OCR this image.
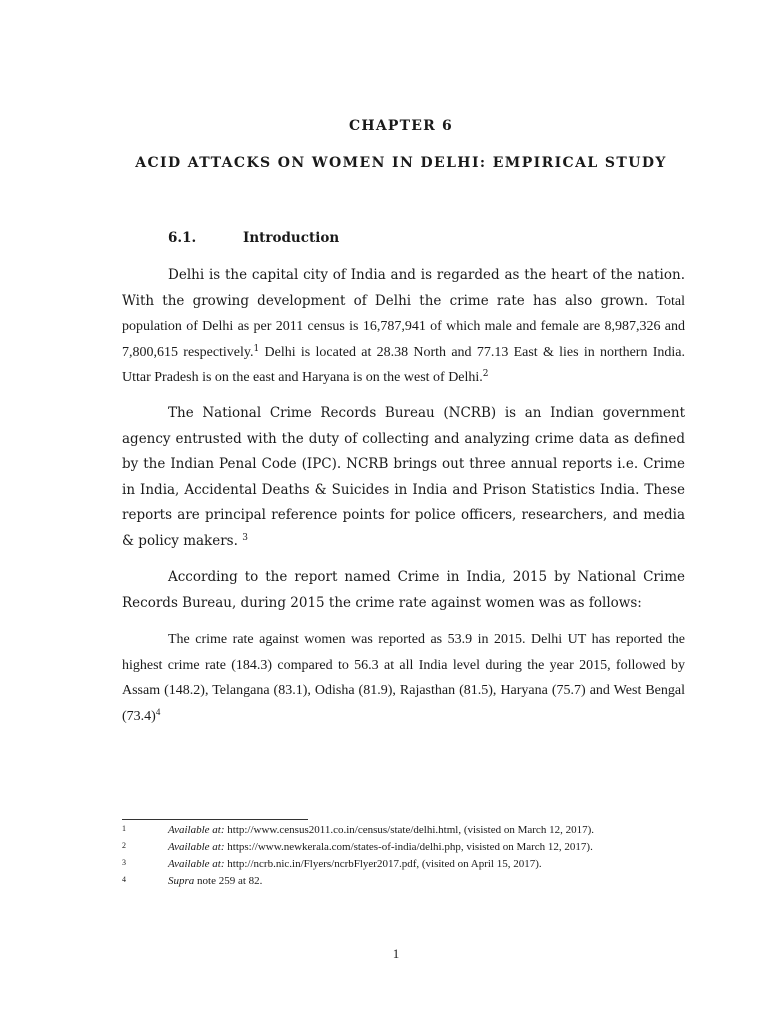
CHAPTER 6
ACID ATTACKS ON WOMEN IN DELHI: EMPIRICAL STUDY
6.1.	Introduction

Delhi is the capital city of India and is regarded as the heart of the nation. With the growing development of Delhi the crime rate has also grown. Total population of Delhi as per 2011 census is 16,787,941 of which male and female are 8,987,326 and 7,800,615 respectively.$^1$ Delhi is located at 28.38 North and 77.13 East & lies in northern India. Uttar Pradesh is on the east and Haryana is on the west of Delhi.$^2$

The National Crime Records Bureau (NCRB) is an Indian government agency entrusted with the duty of collecting and analyzing crime data as defined by the Indian Penal Code (IPC). NCRB brings out three annual reports i.e. Crime in India, Accidental Deaths & Suicides in India and Prison Statistics India. These reports are principal reference points for police officers, researchers, and media & policy makers. $^3$

According to the report named Crime in India, 2015 by National Crime Records Bureau, during 2015 the crime rate against women was as follows:

The crime rate against women was reported as 53.9 in 2015. Delhi UT has reported the highest crime rate (184.3) compared to 56.3 at all India level during the year 2015, followed by Assam (148.2), Telangana (83.1), Odisha (81.9), Rajasthan (81.5), Haryana (75.7) and West Bengal $(73.4)^4$

1	Available at: http://www.census2011.co.in/census/state/delhi.html, (visisted on March 12, 2017).
2	Available at: https://www.newkerala.com/states-of-india/delhi.php, visisted on March 12, 2017).
3	Available at: http://ncrb.nic.in/Flyers/ncrbFlyer2017.pdf, (visited on April 15, 2017).
4	Supra note 259 at 82.
1
